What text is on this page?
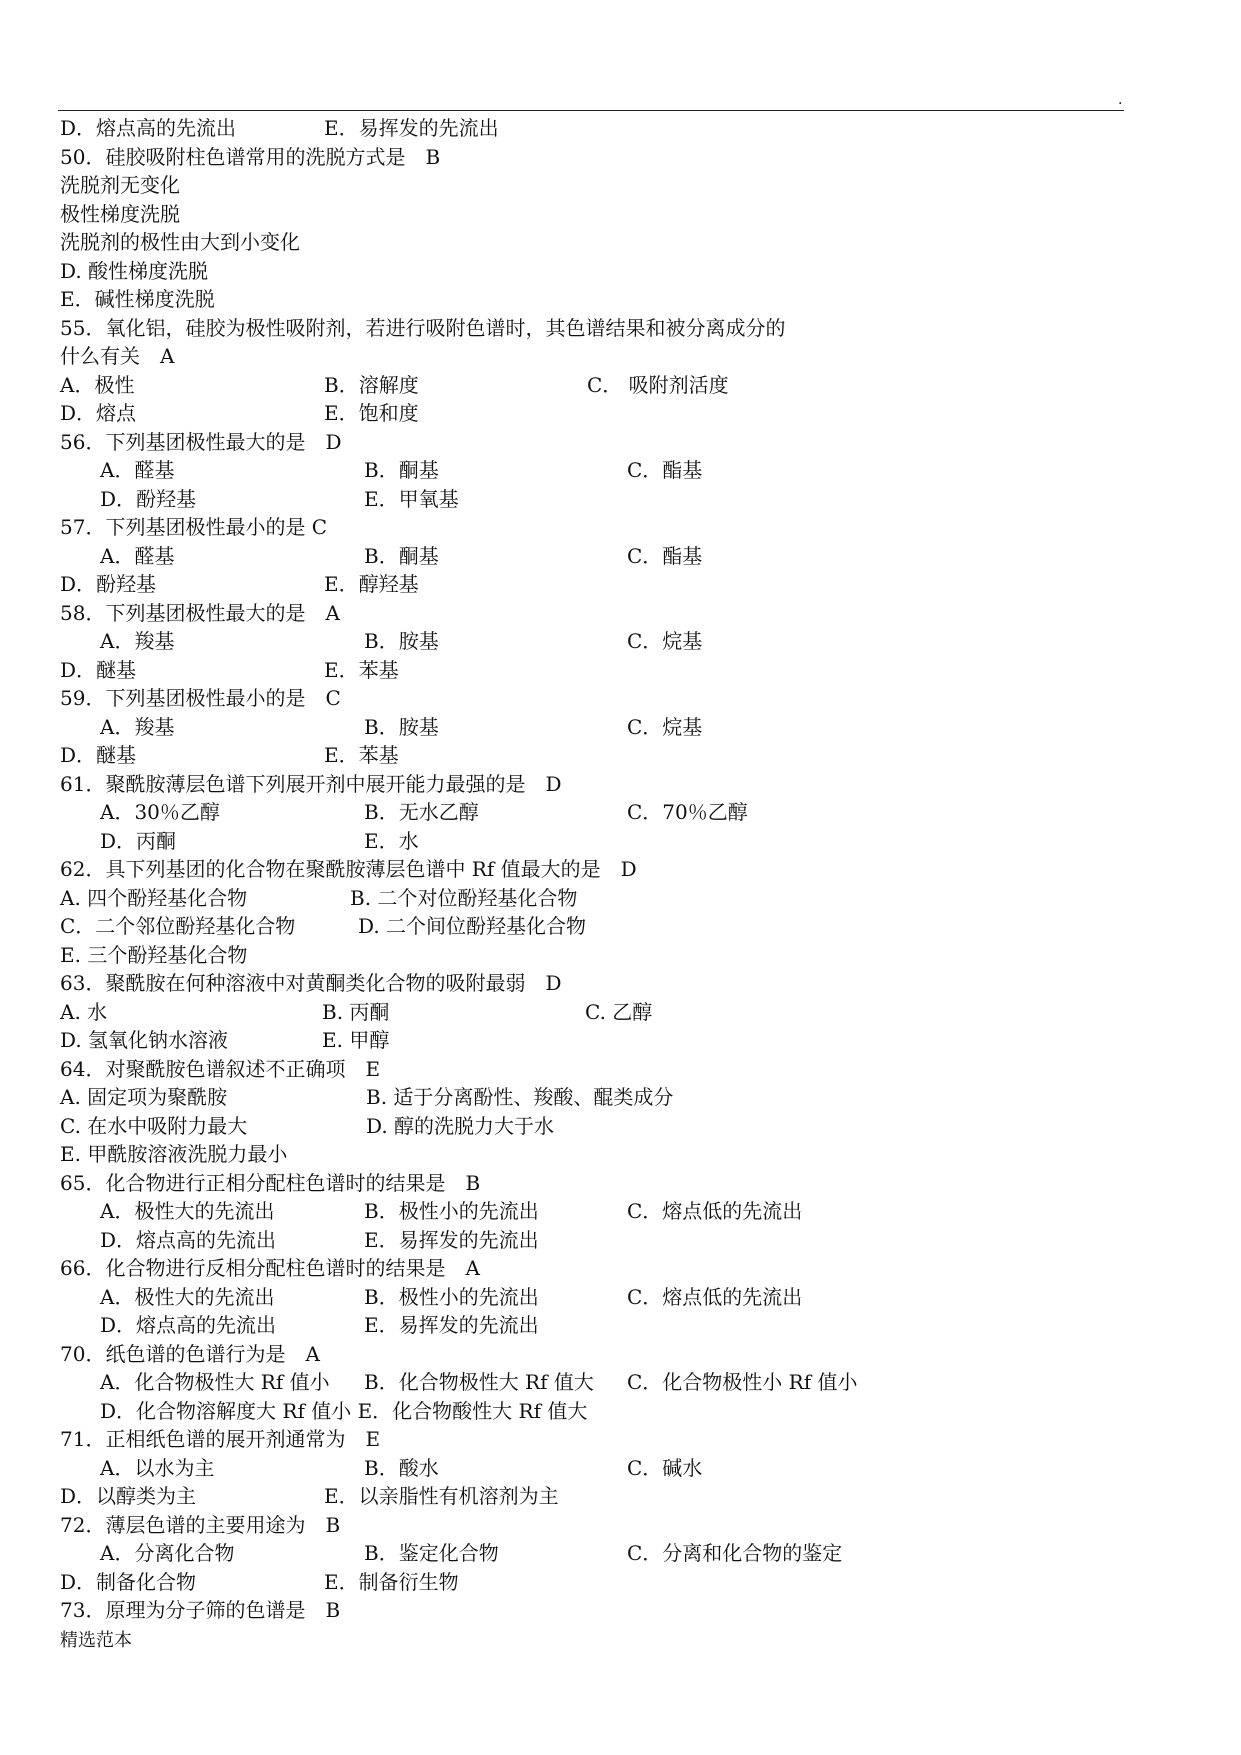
.
D．熔点高的先流出	E．易挥发的先流出
50．硅胶吸附柱色谱常用的洗脱方式是　B
洗脱剂无变化
极性梯度洗脱
洗脱剂的极性由大到小变化
D. 酸性梯度洗脱
E．碱性梯度洗脱
55．氧化铝，硅胶为极性吸附剂，若进行吸附色谱时，其色谱结果和被分离成分的
什么有关　A
A．极性	B．溶解度	C． 吸附剂活度
D．熔点	E．饱和度
56．下列基团极性最大的是　D
A．醛基	B．酮基	C．酯基
D．酚羟基	E．甲氧基
57．下列基团极性最小的是 C
A．醛基	B．酮基	C．酯基
D．酚羟基	E．醇羟基
58．下列基团极性最大的是　A
A．羧基	B．胺基	C．烷基
D．醚基	E．苯基
59．下列基团极性最小的是　C
A．羧基	B．胺基	C．烷基
D．醚基	E．苯基
61．聚酰胺薄层色谱下列展开剂中展开能力最强的是　D
A．30％乙醇	B．无水乙醇	C．70％乙醇
D．丙酮	E．水
62．具下列基团的化合物在聚酰胺薄层色谱中 Rf 值最大的是　D
A. 四个酚羟基化合物	B. 二个对位酚羟基化合物
C．二个邻位酚羟基化合物	D. 二个间位酚羟基化合物
E. 三个酚羟基化合物
63．聚酰胺在何种溶液中对黄酮类化合物的吸附最弱　D
A. 水	B. 丙酮	C. 乙醇
D. 氢氧化钠水溶液	E. 甲醇
64．对聚酰胺色谱叙述不正确项　E
A. 固定项为聚酰胺	B. 适于分离酚性、羧酸、醌类成分
C. 在水中吸附力最大	D. 醇的洗脱力大于水
E. 甲酰胺溶液洗脱力最小
65．化合物进行正相分配柱色谱时的结果是　B
A．极性大的先流出	B．极性小的先流出	C．熔点低的先流出
D．熔点高的先流出	E．易挥发的先流出
66．化合物进行反相分配柱色谱时的结果是　A
A．极性大的先流出	B．极性小的先流出	C．熔点低的先流出
D．熔点高的先流出	E．易挥发的先流出
70．纸色谱的色谱行为是　A
A．化合物极性大 Rf 值小 B．化合物极性大 Rf 值大 C．化合物极性小 Rf 值小
D．化合物溶解度大 Rf 值小 E．化合物酸性大 Rf 值大
71．正相纸色谱的展开剂通常为　E
A．以水为主	B．酸水	C．碱水
D．以醇类为主	E．以亲脂性有机溶剂为主
72．薄层色谱的主要用途为　B
A．分离化合物	B．鉴定化合物	C．分离和化合物的鉴定
D．制备化合物	E．制备衍生物
73．原理为分子筛的色谱是　B
精选范本
